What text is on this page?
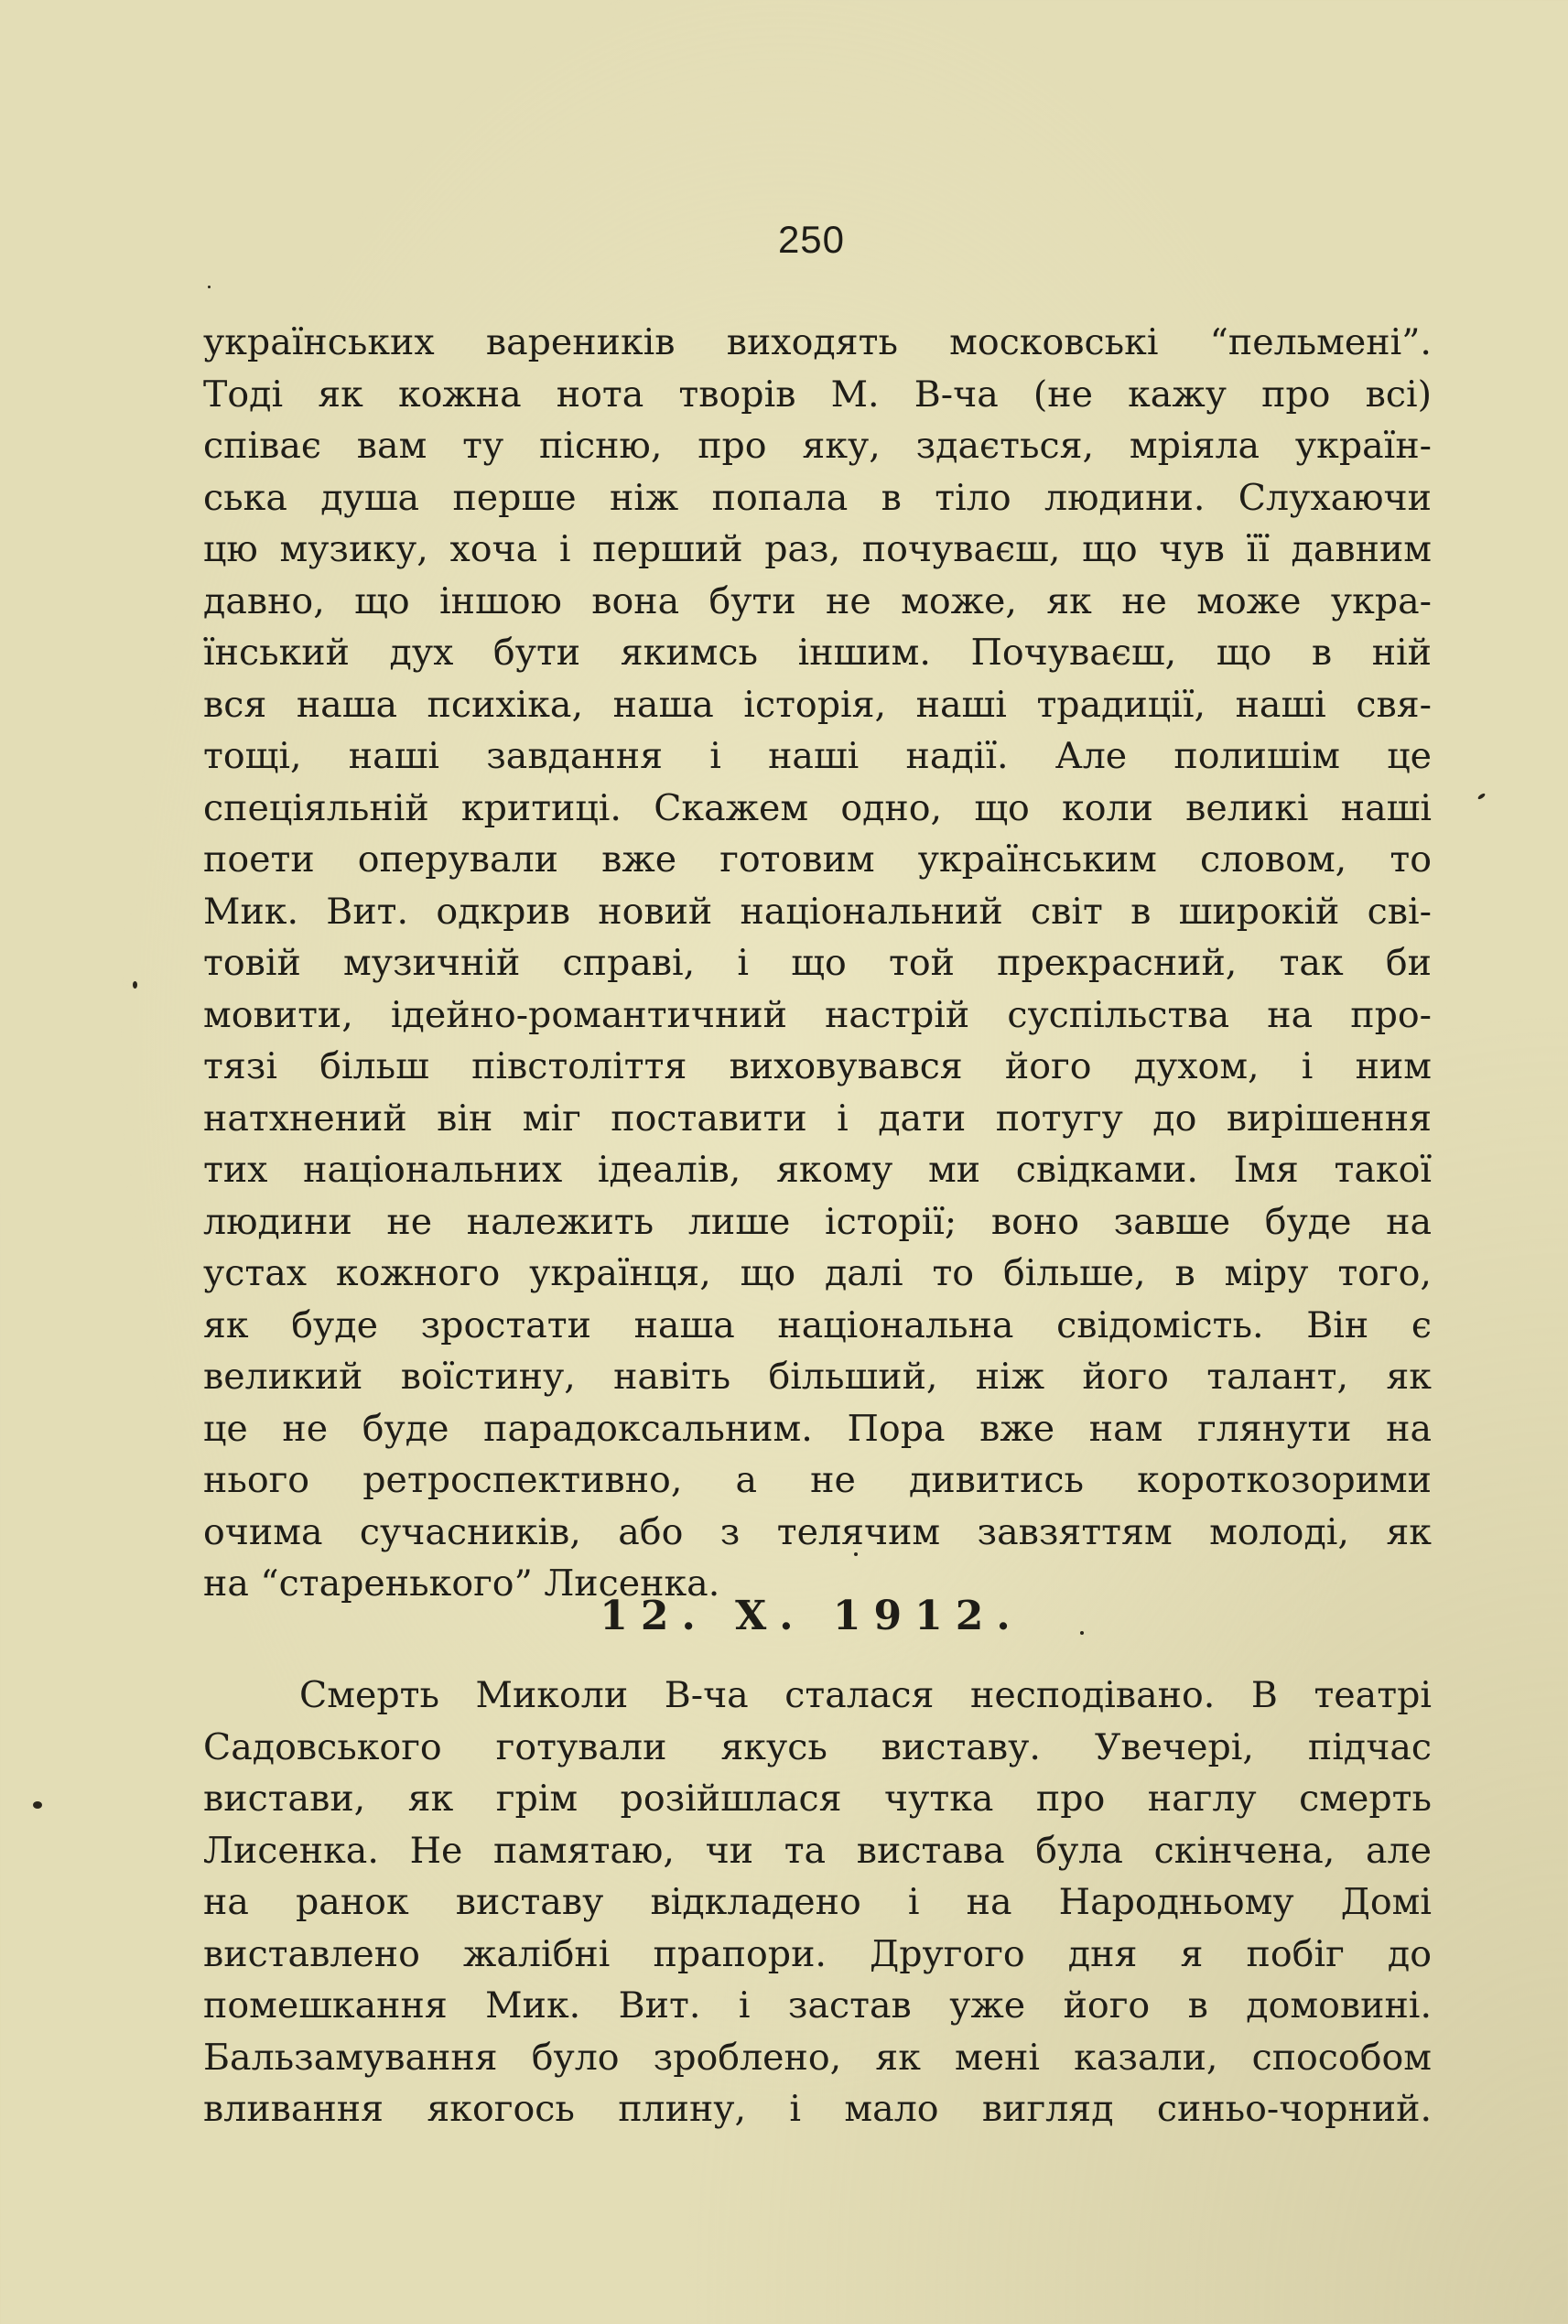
250
українських вареників виходять московські “пельмені”.
Тоді як кожна нота творів М. В-ча (не кажу про всі)
співає вам ту пісню, про яку, здається, мріяла україн-
ська душа перше ніж попала в тіло людини. Слухаючи
цю музику, хоча і перший раз, почуваєш, що чув її давним
давно, що іншою вона бути не може, як не може укра-
їнський дух бути якимсь іншим. Почуваєш, що в ній
вся наша психіка, наша історія, наші традиції, наші свя-
тощі, наші завдання і наші надії. Але полишім це
спеціяльній критиці. Скажем одно, що коли великі наші
поети оперували вже готовим українським словом, то
Мик. Вит. одкрив новий національний світ в широкій сві-
товій музичній справі, і що той прекрасний, так би
мовити, ідейно-романтичний настрій суспільства на про-
тязі більш півстоліття виховувався його духом, і ним
натхнений він міг поставити і дати потугу до вирішення
тих національних ідеалів, якому ми свідками. Імя такої
людини не належить лише історії; воно завше буде на
устах кожного українця, що далі то більше, в міру того,
як буде зростати наша національна свідомість. Він є
великий воїстину, навіть більший, ніж його талант, як
це не буде парадоксальним. Пора вже нам глянути на
нього ретроспективно, а не дивитись короткозорими
очима сучасників, або з телячим завзяттям молоді, як
на “старенького” Лисенка.
12. X. 1912.
Смерть Миколи В-ча сталася несподівано. В театрі
Садовського готували якусь виставу. Увечері, підчас
вистави, як грім розійшлася чутка про наглу смерть
Лисенка. Не памятаю, чи та вистава була скінчена, але
на ранок виставу відкладено і на Народньому Домі
виставлено жалібні прапори. Другого дня я побіг до
помешкання Мик. Вит. і застав уже його в домовині.
Бальзамування було зроблено, як мені казали, способом
вливання якогось плину, і мало вигляд синьо-чорний.
